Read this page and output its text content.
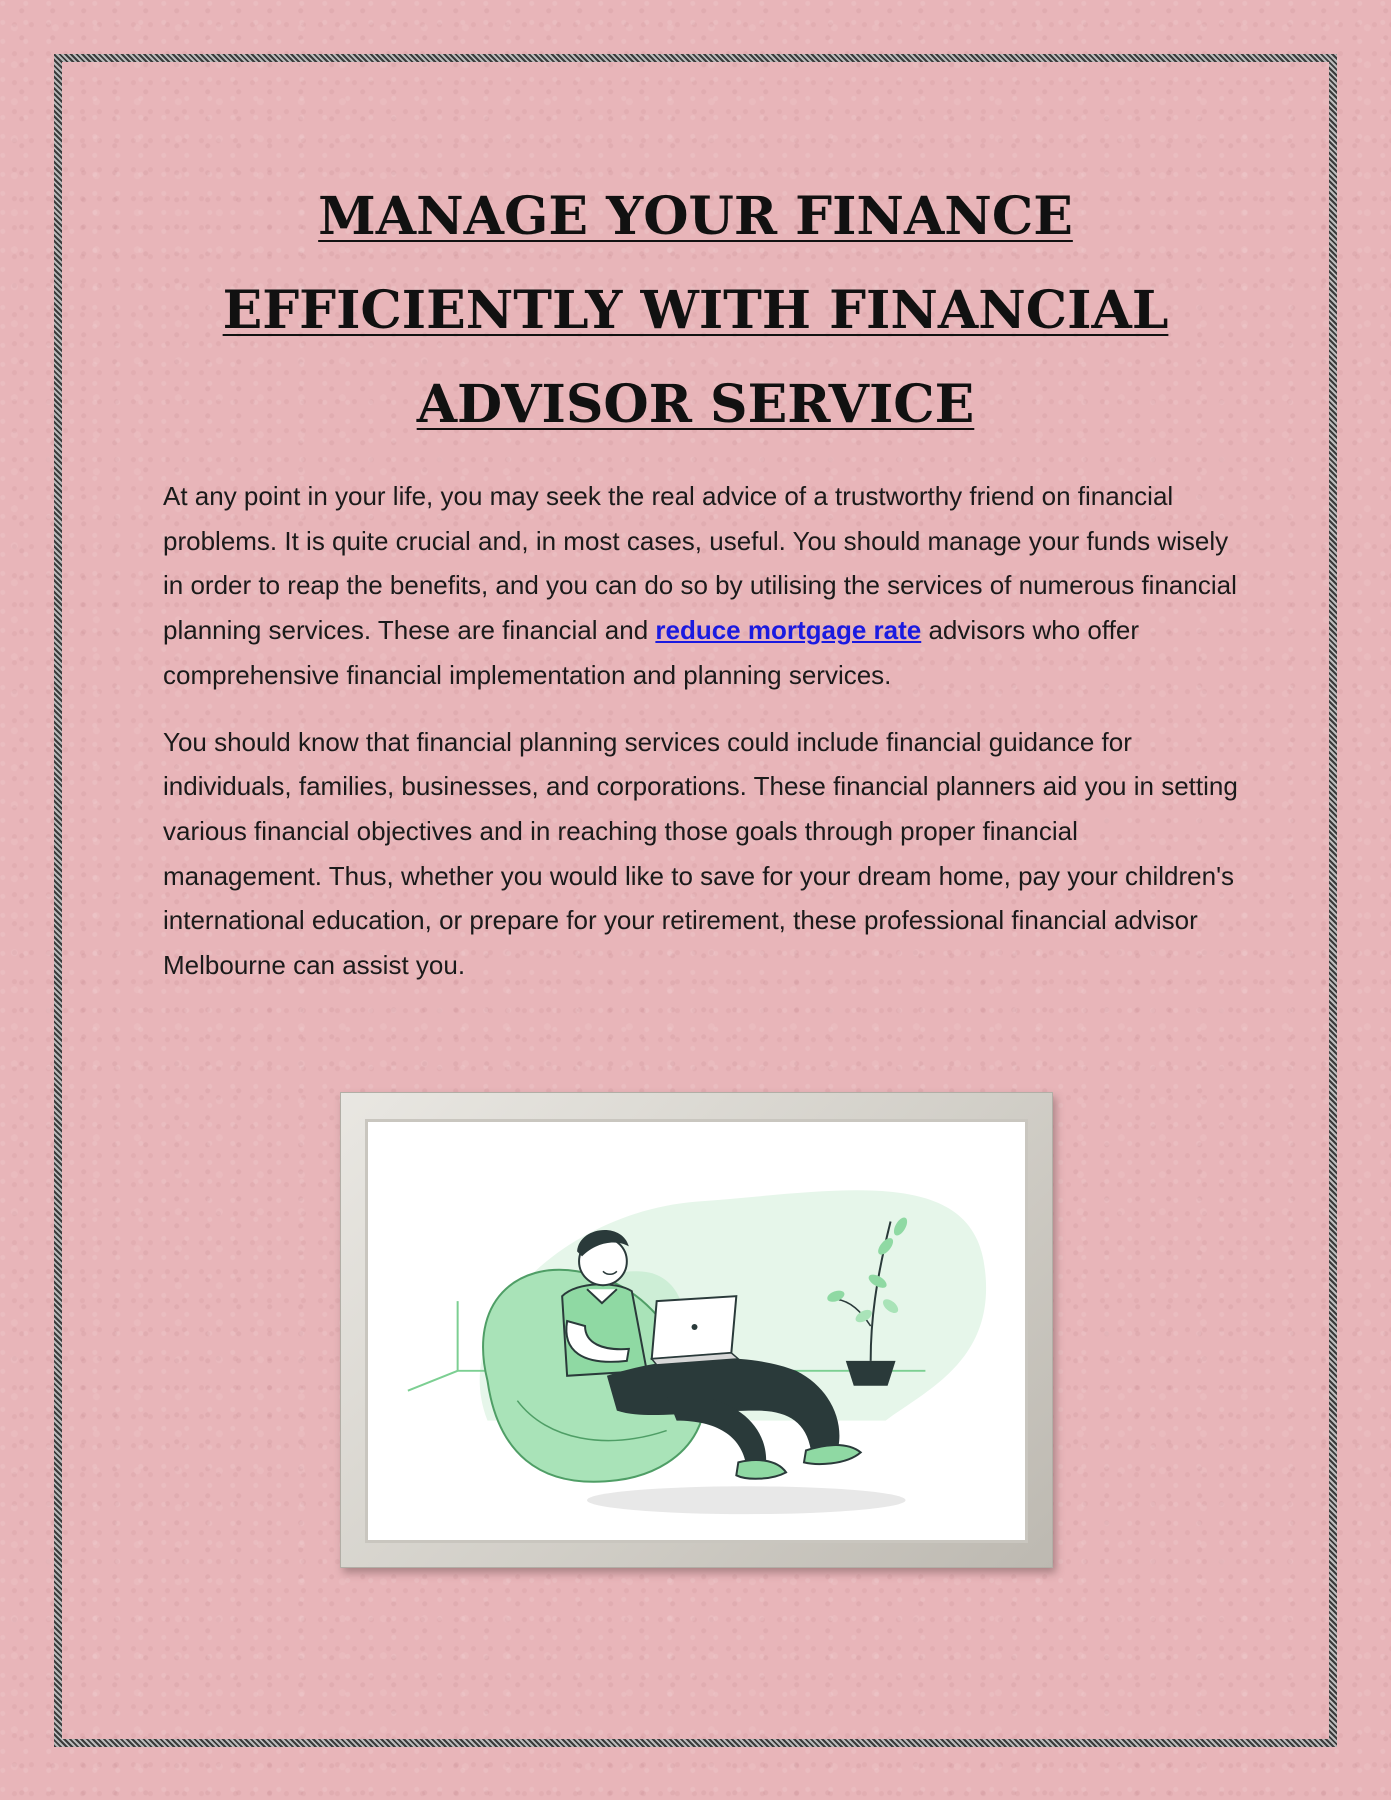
MANAGE YOUR FINANCE
EFFICIENTLY WITH FINANCIAL
ADVISOR SERVICE

At any point in your life, you may seek the real advice of a trustworthy friend on financial problems. It is quite crucial and, in most cases, useful. You should manage your funds wisely in order to reap the benefits, and you can do so by utilising the services of numerous financial planning services. These are financial and reduce mortgage rate advisors who offer comprehensive financial implementation and planning services.

You should know that financial planning services could include financial guidance for individuals, families, businesses, and corporations. These financial planners aid you in setting various financial objectives and in reaching those goals through proper financial management. Thus, whether you would like to save for your dream home, pay your children's international education, or prepare for your retirement, these professional financial advisor Melbourne can assist you.
